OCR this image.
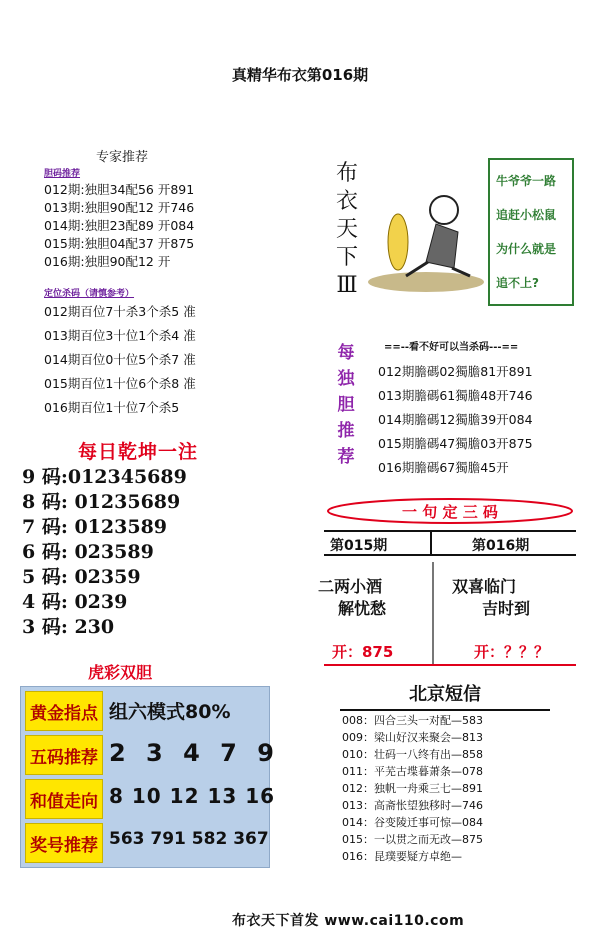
真精华布衣第016期
专家推荐
胆码推荐
012期:独胆34配56 开891
013期:独胆90配12 开746
014期:独胆23配89 开084
015期:独胆04配37 开875
016期:独胆90配12 开
定位杀码（请慎参考）
012期百位7十杀3个杀5 准
013期百位3十位1个杀4 准
014期百位0十位5个杀7 准
015期百位1十位6个杀8 准
016期百位1十位7个杀5
每日乾坤一注
9 码:012345689
8 码: 01235689
7 码: 0123589
6 码: 023589
5 码: 02359
4 码: 0239
3 码: 230
虎彩双胆
黄金指点 组六模式80%
五码推荐 2 3 4 7 9
和值走向 8 10 12 13 16
奖号推荐 563 791 582 367
布
衣
天
下
Ⅲ
牛爷爷一路
追赶小松鼠
为什么就是
追不上?
每
独
胆
推
荐
==--看不好可以当杀码---==
012期膽碼02獨膽81开891
013期膽碼61獨膽48开746
014期膽碼12獨膽39开084
015期膽碼47獨膽03开875
016期膽碼67獨膽45开
一 句 定 三 码
第015期	第016期
二两小酒
解忧愁
双喜临门
吉时到
开：875	开：？？？
北京短信
008：四合三头一对配—583
009：梁山好汉来聚会—813
010：壮码一八终有出—858
011：平芜古堞暮萧条—078
012：独帆一舟乘三七—891
013：高斋怅望独移时—746
014：谷变陵迁事可惊—084
015：一以贯之而无改—875
016：昆璞要疑方卓绝—
布衣天下首发 www.cai110.com
